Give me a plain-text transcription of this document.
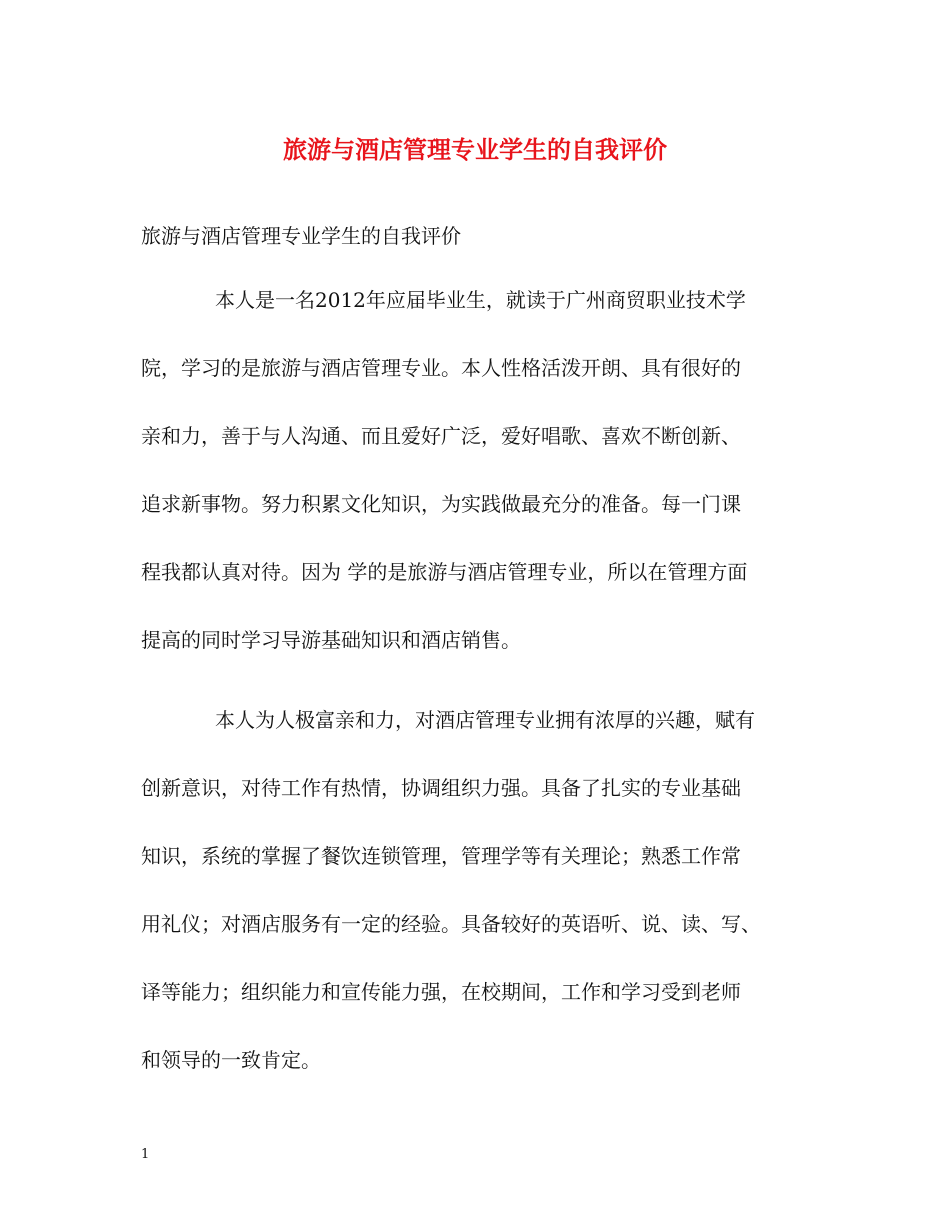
旅游与酒店管理专业学生的自我评价

旅游与酒店管理专业学生的自我评价

本人是一名2012年应届毕业生，就读于广州商贸职业技术学

院，学习的是旅游与酒店管理专业。本人性格活泼开朗、具有很好的

亲和力，善于与人沟通、而且爱好广泛，爱好唱歌、喜欢不断创新、

追求新事物。努力积累文化知识，为实践做最充分的准备。每一门课

程我都认真对待。因为 学的是旅游与酒店管理专业，所以在管理方面

提高的同时学习导游基础知识和酒店销售。

本人为人极富亲和力，对酒店管理专业拥有浓厚的兴趣，赋有

创新意识，对待工作有热情，协调组织力强。具备了扎实的专业基础

知识，系统的掌握了餐饮连锁管理，管理学等有关理论；熟悉工作常

用礼仪；对酒店服务有一定的经验。具备较好的英语听、说、读、写、

译等能力；组织能力和宣传能力强，在校期间，工作和学习受到老师

和领导的一致肯定。

1
